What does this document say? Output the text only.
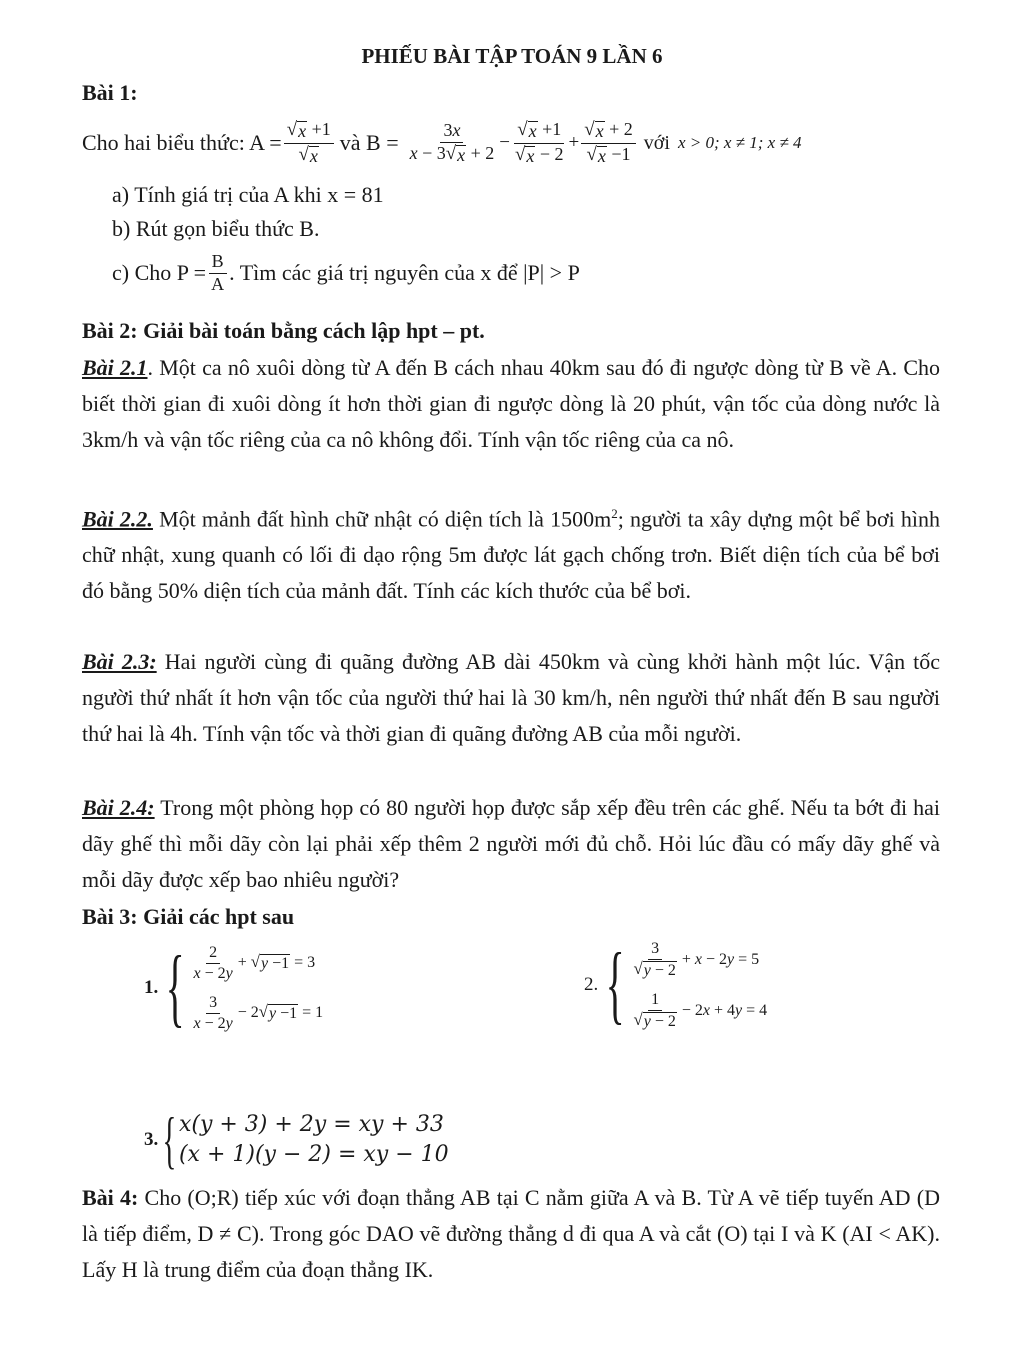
PHIẾU BÀI TẬP TOÁN 9 LẦN 6
Bài 1:
Cho hai biểu thức: $A = \frac{√ x +1}{√ x}$ và $B = \frac{3x}{x - 3 √ x + 2} - \frac{√ x +1}{√ x - 2} + \frac{√ x + 2}{√ x -1}$ với x > 0; x ≠ 1; x ≠ 4
a) Tính giá trị của A khi x = 81
b) Rút gọn biểu thức B.
c) Cho $P = \frac{B}{A}$ . Tìm các giá trị nguyên của x để |P| > P
Bài 2: Giải bài toán bằng cách lập hpt – pt.
Bài 2.1. Một ca nô xuôi dòng từ A đến B cách nhau 40km sau đó đi ngược dòng từ B về A. Cho biết thời gian đi xuôi dòng ít hơn thời gian đi ngược dòng là 20 phút, vận tốc của dòng nước là 3km/h và vận tốc riêng của ca nô không đổi. Tính vận tốc riêng của ca nô.
Bài 2.2. Một mảnh đất hình chữ nhật có diện tích là $1500m^2$; người ta xây dựng một bể bơi hình chữ nhật, xung quanh có lối đi dạo rộng 5m được lát gạch chống trơn. Biết diện tích của bể bơi đó bằng 50% diện tích của mảnh đất. Tính các kích thước của bể bơi.
Bài 2.3: Hai người cùng đi quãng đường AB dài 450km và cùng khởi hành một lúc. Vận tốc người thứ nhất ít hơn vận tốc của người thứ hai là 30 km/h, nên người thứ nhất đến B sau người thứ hai là 4h. Tính vận tốc và thời gian đi quãng đường AB của mỗi người.
Bài 2.4: Trong một phòng họp có 80 người họp được sắp xếp đều trên các ghế. Nếu ta bớt đi hai dãy ghế thì mỗi dãy còn lại phải xếp thêm 2 người mới đủ chỗ. Hỏi lúc đầu có mấy dãy ghế và mỗi dãy được xếp bao nhiêu người?
Bài 3: Giải các hpt sau
1. { $\frac{2}{x - 2y}$ + √ y −1 = 3
$\frac{3}{x - 2y} - 2$ √ y −1 = 1
2. { $\frac{3}{√ y - 2} + x - 2y = 5$
$\frac{1}{√ y - 2} - 2x + 4y = 4$
3. { x(y + 3) + 2y = xy + 33
(x + 1)(y − 2) = xy − 10
Bài 4: Cho (O;R) tiếp xúc với đoạn thẳng AB tại C nằm giữa A và B. Từ A vẽ tiếp tuyến AD (D là tiếp điểm, D ≠ C). Trong góc DAO vẽ đường thẳng d đi qua A và cắt (O) tại I và K (AI < AK). Lấy H là trung điểm của đoạn thẳng IK.
